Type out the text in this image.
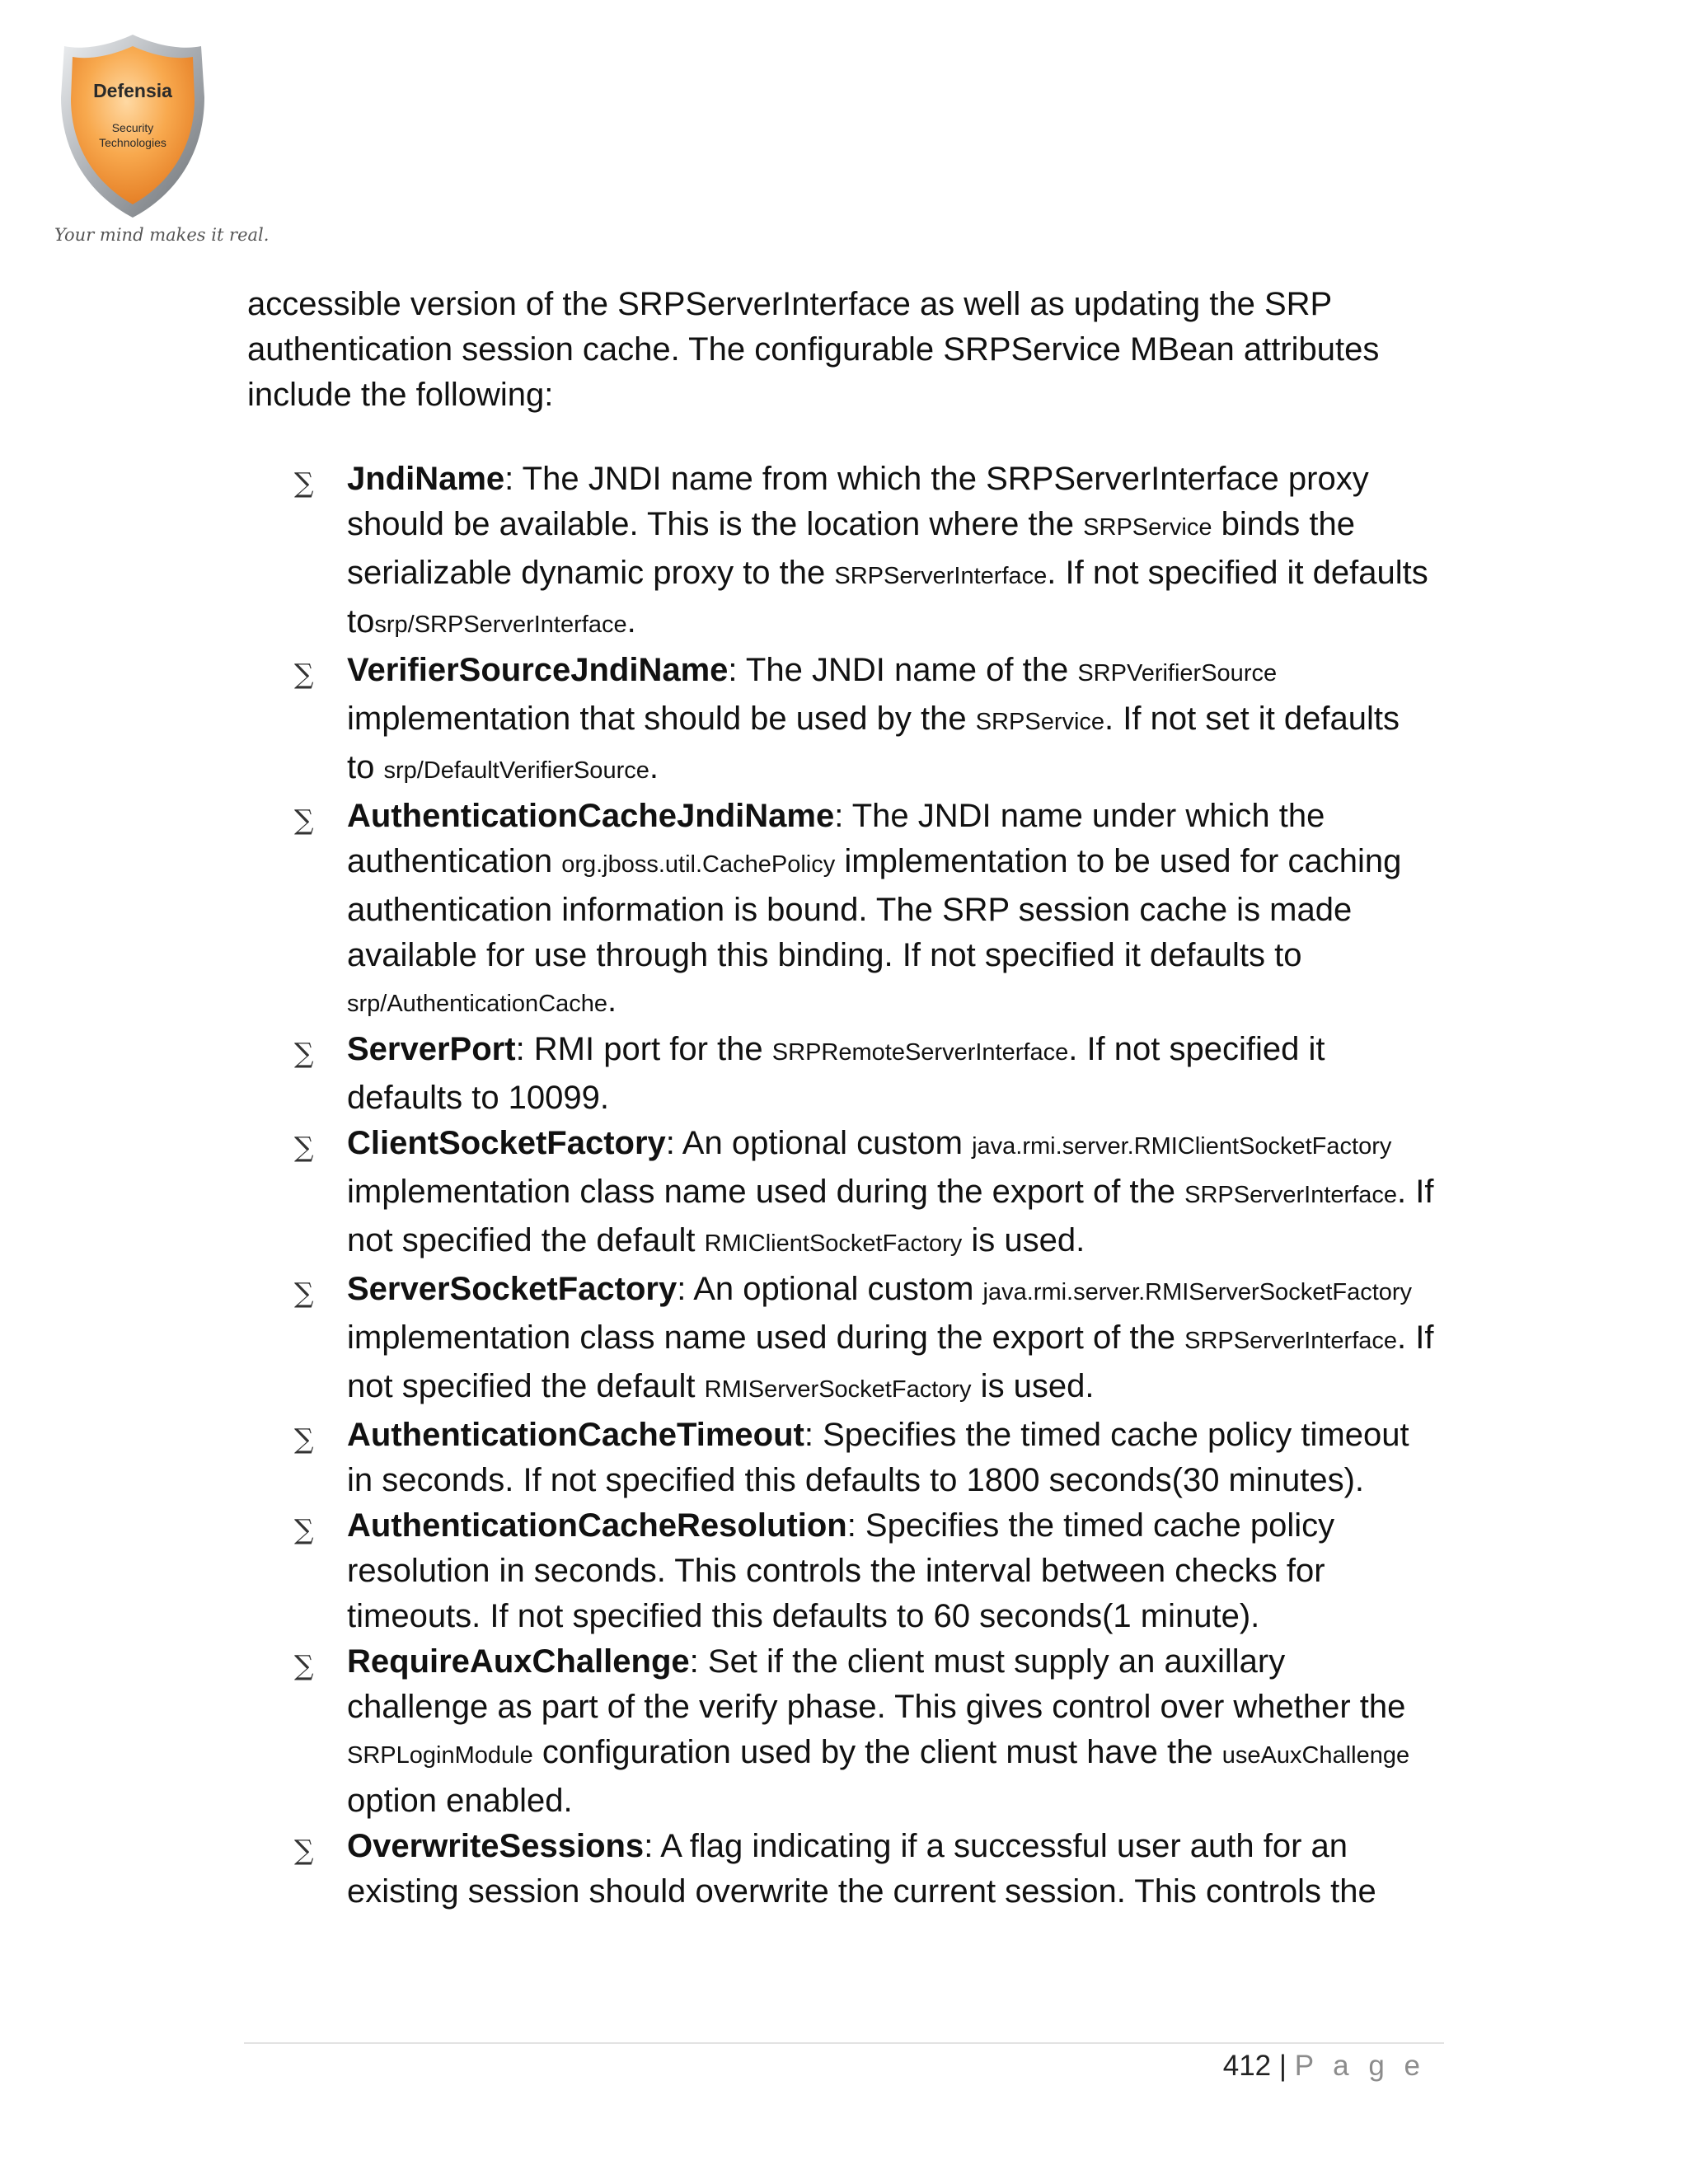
Defensia
Security
Technologies
Your mind makes it real.

accessible version of the SRPServerInterface as well as updating the SRP
authentication session cache. The configurable SRPService MBean attributes
include the following:

∑ JndiName: The JNDI name from which the SRPServerInterface proxy should be available. This is the location where the SRPService binds the serializable dynamic proxy to the SRPServerInterface. If not specified it defaults tosrp/SRPServerInterface.
∑ VerifierSourceJndiName: The JNDI name of the SRPVerifierSource implementation that should be used by the SRPService. If not set it defaults to srp/DefaultVerifierSource.
∑ AuthenticationCacheJndiName: The JNDI name under which the authentication org.jboss.util.CachePolicy implementation to be used for caching authentication information is bound. The SRP session cache is made available for use through this binding. If not specified it defaults to srp/AuthenticationCache.
∑ ServerPort: RMI port for the SRPRemoteServerInterface. If not specified it defaults to 10099.
∑ ClientSocketFactory: An optional custom java.rmi.server.RMIClientSocketFactory implementation class name used during the export of the SRPServerInterface. If not specified the default RMIClientSocketFactory is used.
∑ ServerSocketFactory: An optional custom java.rmi.server.RMIServerSocketFactory implementation class name used during the export of the SRPServerInterface. If not specified the default RMIServerSocketFactory is used.
∑ AuthenticationCacheTimeout: Specifies the timed cache policy timeout in seconds. If not specified this defaults to 1800 seconds(30 minutes).
∑ AuthenticationCacheResolution: Specifies the timed cache policy resolution in seconds. This controls the interval between checks for timeouts. If not specified this defaults to 60 seconds(1 minute).
∑ RequireAuxChallenge: Set if the client must supply an auxillary challenge as part of the verify phase. This gives control over whether the SRPLoginModule configuration used by the client must have the useAuxChallenge option enabled.
∑ OverwriteSessions: A flag indicating if a successful user auth for an existing session should overwrite the current session. This controls the
412 | P a g e
